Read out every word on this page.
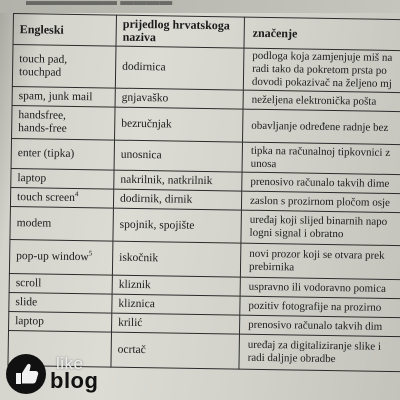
▬▬▬▬▬▬▬ ▬▬▬▬
Engleski	prijedlog hrvatskoga naziva	značenje
touch pad,
touchpad	dodirnica	podloga koja zamjenjuje miš na
radi tako da pokretom prsta po
dovodi pokazivač na željeno mj
spam, junk mail	gnjavaško	neželjena elektronička pošta
handsfree,
hands-free	bezručnjak	obavljanje određene radnje bez
enter (tipka)	unosnica	tipka na računalnoj tipkovnici z
unosa
laptop	nakrilnik, natkrilnik	prenosivo računalo takvih dime
touch screen$^4$	dodirnik, dirnik	zaslon s prozirnom pločom osje
modem	spojnik, spojište	uređaj koji slijed binarnih napo
logni signal i obratno
pop-up window$^5$	iskočnik	novi prozor koji se otvara prek
prebirnika
scroll	kliznik	uspravno ili vodoravno pomica
slide	kliznica	pozitiv fotografije na prozirno
laptop	krilić	prenosivo računalo takvih dim
	ocrtač	uređaj za digitaliziranje slike i
radi daljnje obradbe
like
blog
